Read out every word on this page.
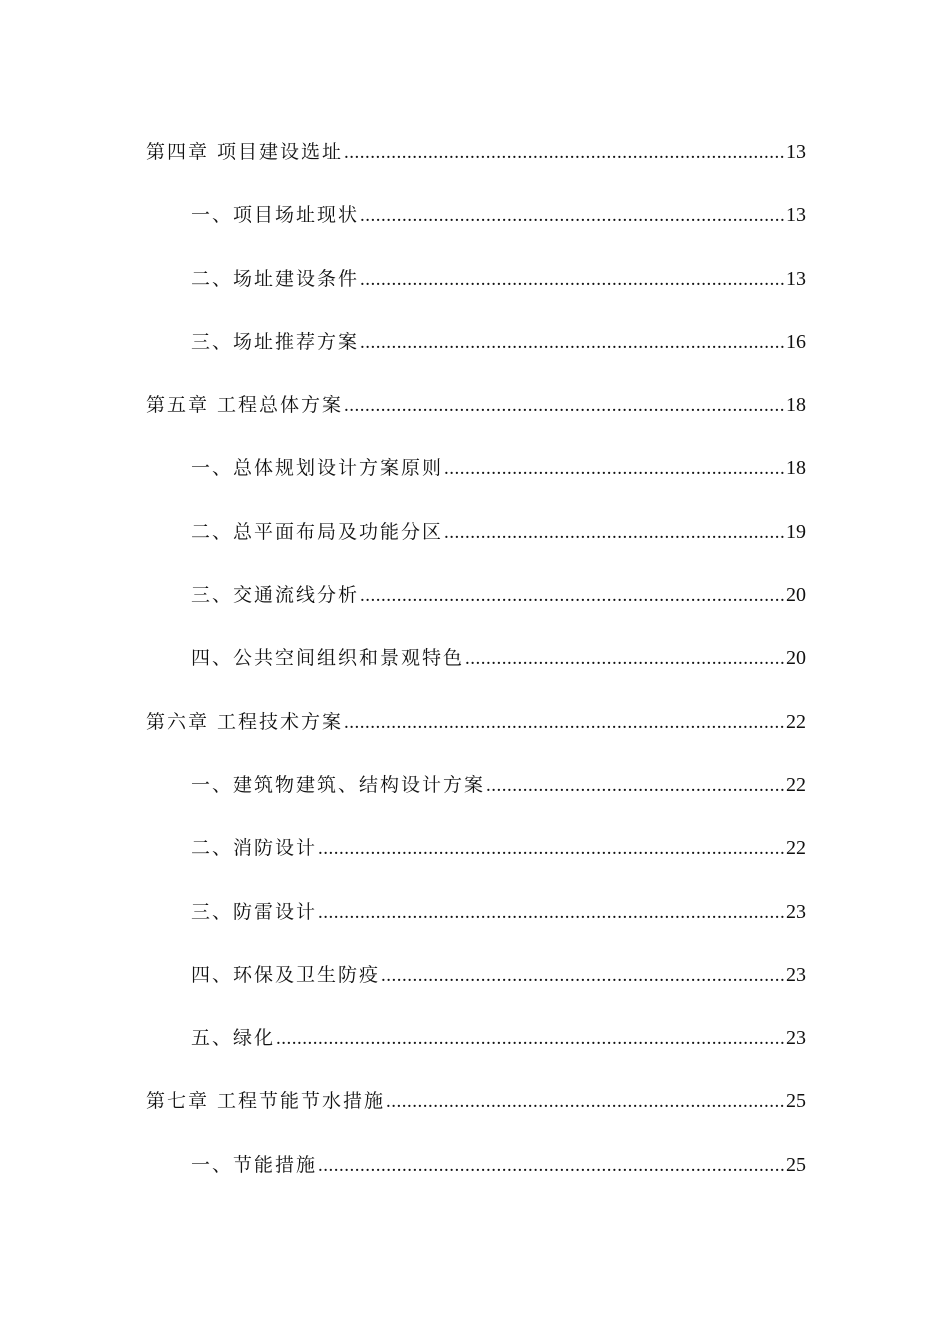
第四章 项目建设选址 .....	13
一、项目场址现状 .....	13
二、场址建设条件 .....	13
三、场址推荐方案 .....	16
第五章 工程总体方案 .....	18
一、总体规划设计方案原则 .....	18
二、总平面布局及功能分区 .....	19
三、交通流线分析 .....	20
四、公共空间组织和景观特色 .....	20
第六章 工程技术方案 .....	22
一、建筑物建筑、结构设计方案 .....	22
二、消防设计 .....	22
三、防雷设计 .....	23
四、环保及卫生防疫 .....	23
五、绿化 .....	23
第七章 工程节能节水措施 .....	25
一、节能措施 .....	25
